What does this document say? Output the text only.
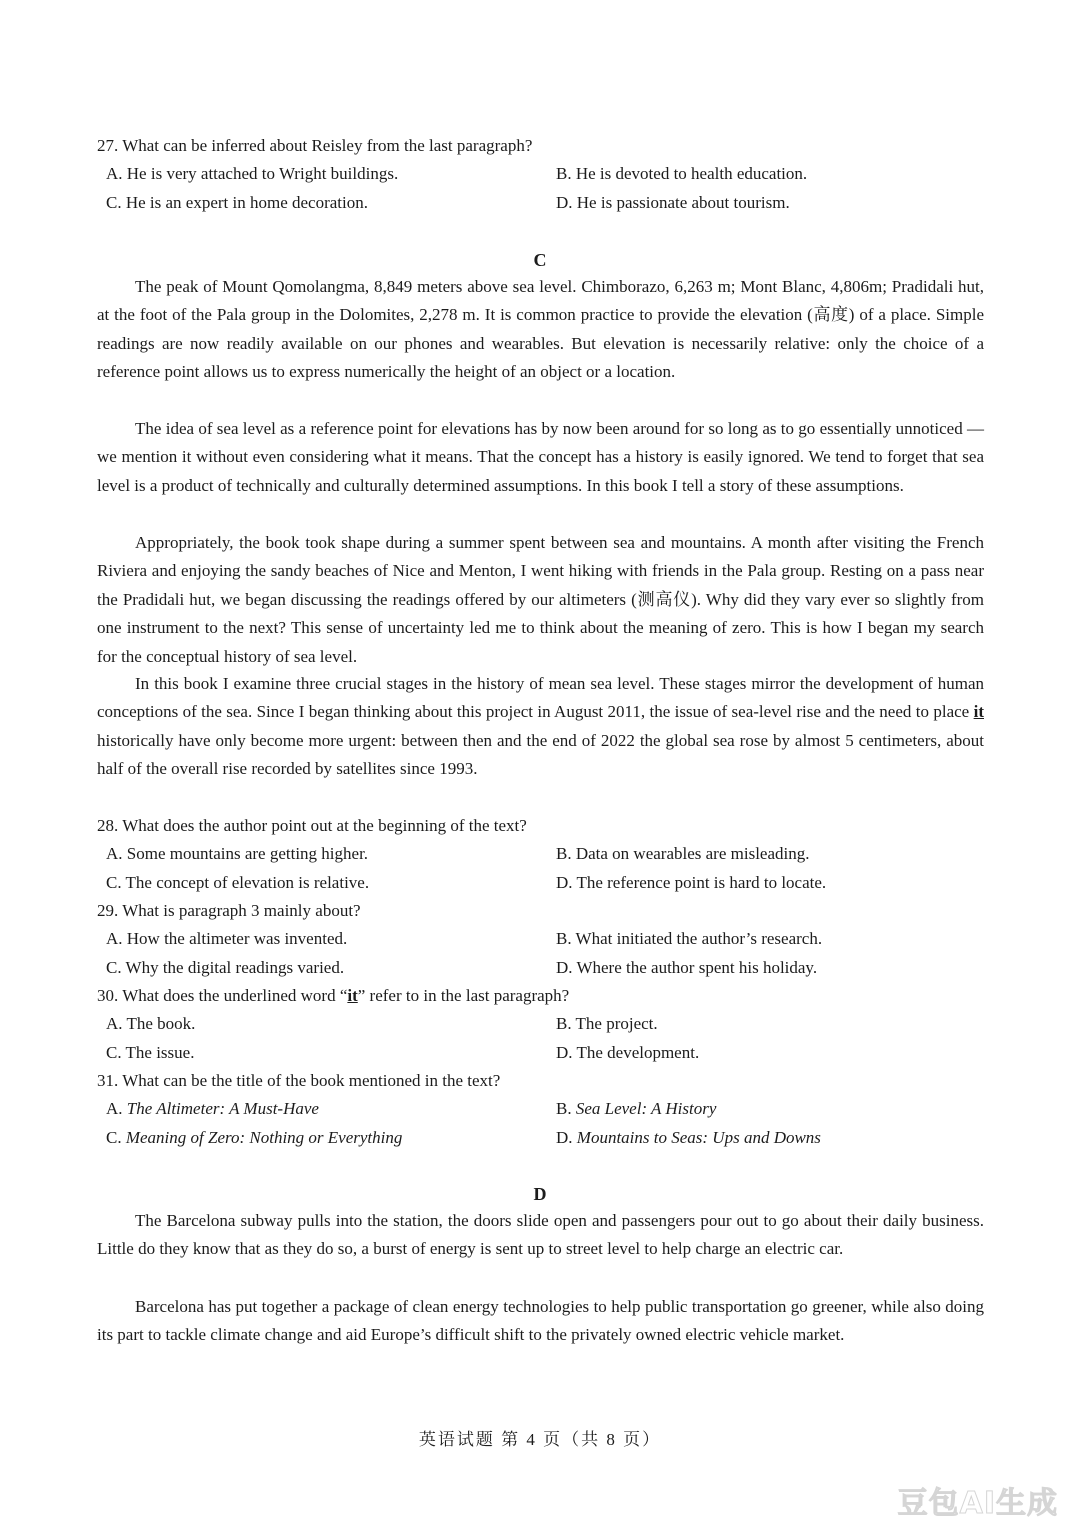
27. What can be inferred about Reisley from the last paragraph?
A. He is very attached to Wright buildings.	B. He is devoted to health education.
C. He is an expert in home decoration.	D. He is passionate about tourism.
C

The peak of Mount Qomolangma, 8,849 meters above sea level. Chimborazo, 6,263 m; Mont Blanc, 4,806m; Pradidali hut, at the foot of the Pala group in the Dolomites, 2,278 m. It is common practice to provide the elevation (高度) of a place. Simple readings are now readily available on our phones and wearables. But elevation is necessarily relative: only the choice of a reference point allows us to express numerically the height of an object or a location.

The idea of sea level as a reference point for elevations has by now been around for so long as to go essentially unnoticed — we mention it without even considering what it means. That the concept has a history is easily ignored. We tend to forget that sea level is a product of technically and culturally determined assumptions. In this book I tell a story of these assumptions.

Appropriately, the book took shape during a summer spent between sea and mountains. A month after visiting the French Riviera and enjoying the sandy beaches of Nice and Menton, I went hiking with friends in the Pala group. Resting on a pass near the Pradidali hut, we began discussing the readings offered by our altimeters (测高仪). Why did they vary ever so slightly from one instrument to the next? This sense of uncertainty led me to think about the meaning of zero. This is how I began my search for the conceptual history of sea level.

In this book I examine three crucial stages in the history of mean sea level. These stages mirror the development of human conceptions of the sea. Since I began thinking about this project in August 2011, the issue of sea-level rise and the need to place it historically have only become more urgent: between then and the end of 2022 the global sea rose by almost 5 centimeters, about half of the overall rise recorded by satellites since 1993.

28. What does the author point out at the beginning of the text?
A. Some mountains are getting higher.	B. Data on wearables are misleading.
C. The concept of elevation is relative.	D. The reference point is hard to locate.
29. What is paragraph 3 mainly about?
A. How the altimeter was invented.	B. What initiated the author’s research.
C. Why the digital readings varied.	D. Where the author spent his holiday.
30. What does the underlined word “it” refer to in the last paragraph?
A. The book.	B. The project.
C. The issue.	D. The development.
31. What can be the title of the book mentioned in the text?
A. The Altimeter: A Must-Have	B. Sea Level: A History
C. Meaning of Zero: Nothing or Everything	D. Mountains to Seas: Ups and Downs
D

The Barcelona subway pulls into the station, the doors slide open and passengers pour out to go about their daily business. Little do they know that as they do so, a burst of energy is sent up to street level to help charge an electric car.

Barcelona has put together a package of clean energy technologies to help public transportation go greener, while also doing its part to tackle climate change and aid Europe’s difficult shift to the privately owned electric vehicle market.

英语试题 第 4 页（共 8 页）
豆包AI生成
